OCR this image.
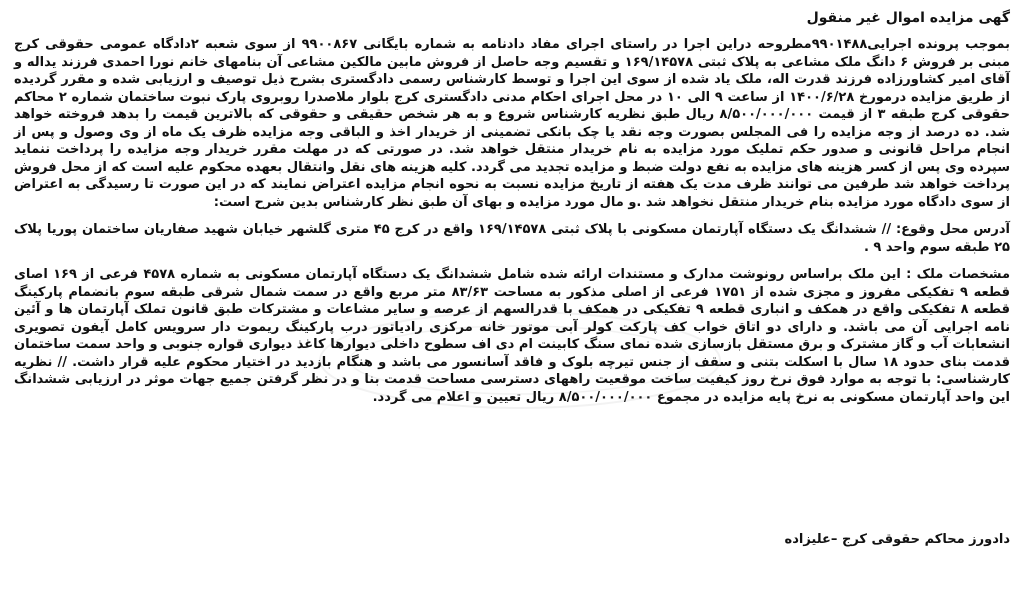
گهی مزایده اموال غیر منقول

بموجب پرونده اجرایی۹۹۰۱۴۸۸مطروحه دراین اجرا در راستای اجرای مفاد دادنامه به شماره بایگانی ۹۹۰۰۸۶۷ از سوی شعبه ۲دادگاه عمومی حقوقی کرج مبنی بر فروش ۶ دانگ ملک مشاعی به پلاک ثبتی ۱۶۹/۱۴۵۷۸ و تقسیم وجه حاصل از فروش مابین مالکین مشاعی آن بنامهای خانم نورا احمدی فرزند یداله و آقای امیر کشاورزاده فرزند قدرت اله، ملک یاد شده از سوی این اجرا و توسط کارشناس رسمی دادگستری بشرح ذیل توصیف و ارزیابی شده و مقرر گردیده از طریق مزایده درمورخ ۱۴۰۰/۶/۲۸ از ساعت ۹ الی ۱۰ در محل اجرای احکام مدنی دادگستری کرج بلوار ملاصدرا روبروی پارک نبوت ساختمان شماره ۲ محاکم حقوقی کرج طبقه ۳ از قیمت ۸/۵۰۰/۰۰۰/۰۰۰ ریال طبق نظریه کارشناس شروع و به هر شخص حقیقی و حقوقی که بالاترین قیمت را بدهد فروخته خواهد شد. ده درصد از وجه مزایده را فی المجلس بصورت وجه نقد یا چک بانکی تضمینی از خریدار اخذ و الباقی وجه مزایده ظرف یک ماه از وی وصول و پس از انجام مراحل قانونی و صدور حکم تملیک مورد مزایده به نام خریدار منتقل خواهد شد. در صورتی که در مهلت مقرر خریدار وجه مزایده را پرداخت ننماید سپرده وی پس از کسر هزینه های مزایده به نفع دولت ضبط و مزایده تجدید می گردد. کلیه هزینه های نقل وانتقال بعهده محکوم علیه است که از محل فروش پرداخت خواهد شد طرفین می توانند ظرف مدت یک هفته از تاریخ مزایده نسبت به نحوه انجام مزایده اعتراض نمایند که در این صورت تا رسیدگی به اعتراض از سوی دادگاه مورد مزایده بنام خریدار منتقل نخواهد شد .و مال مورد مزایده و بهای آن طبق نظر کارشناس بدین شرح است:

آدرس محل وقوع: // ششدانگ یک دستگاه آپارتمان مسکونی با پلاک ثبتی ۱۶۹/۱۴۵۷۸ واقع در کرج ۴۵ متری گلشهر خیابان شهید صفاریان ساختمان پوریا پلاک ۲۵ طبقه سوم واحد ۹ .

مشخصات ملک : این ملک براساس رونوشت مدارک و مستندات ارائه شده شامل ششدانگ یک دستگاه آپارتمان مسکونی به شماره ۴۵۷۸ فرعی از ۱۶۹ اصای قطعه ۹ تفکیکی مفروز و مجزی شده از ۱۷۵۱ فرعی از اصلی مذکور به مساحت ۸۳/۶۳ متر مربع واقع در سمت شمال شرقی طبقه سوم بانضمام پارکینگ قطعه ۸ تفکیکی واقع در همکف و انباری قطعه ۹ تفکیکی در همکف با قدرالسهم از عرصه و سایر مشاعات و مشترکات طبق قانون تملک آپارتمان ها و آئین نامه اجرایی آن می باشد. و دارای دو اتاق خواب کف پارکت کولر آبی موتور خانه مرکزی رادیاتور درب پارکینگ ریموت دار سرویس کامل آیفون تصویری انشعابات آب و گاز مشترک و برق مستقل بازسازی شده نمای سنگ کابینت ام دی اف سطوح داخلی دیوارها کاغذ دیواری قواره جنوبی و واحد سمت ساختمان قدمت بنای حدود ۱۸ سال با اسکلت بتنی و سقف از جنس تیرچه بلوک و فاقد آسانسور می باشد و هنگام بازدید در اختیار محکوم علیه قرار داشت. // نظریه کارشناسی: با توجه به موارد فوق نرخ روز کیفیت ساخت موقعیت راههای دسترسی مساحت قدمت بنا و در نظر گرفتن جمیع جهات موثر در ارزیابی ششدانگ این واحد آپارتمان مسکونی به نرخ پایه مزایده در مجموع ۸/۵۰۰/۰۰۰/۰۰۰ ریال تعیین و اعلام می گردد.

دادورز محاکم حقوقی کرج –علیزاده
